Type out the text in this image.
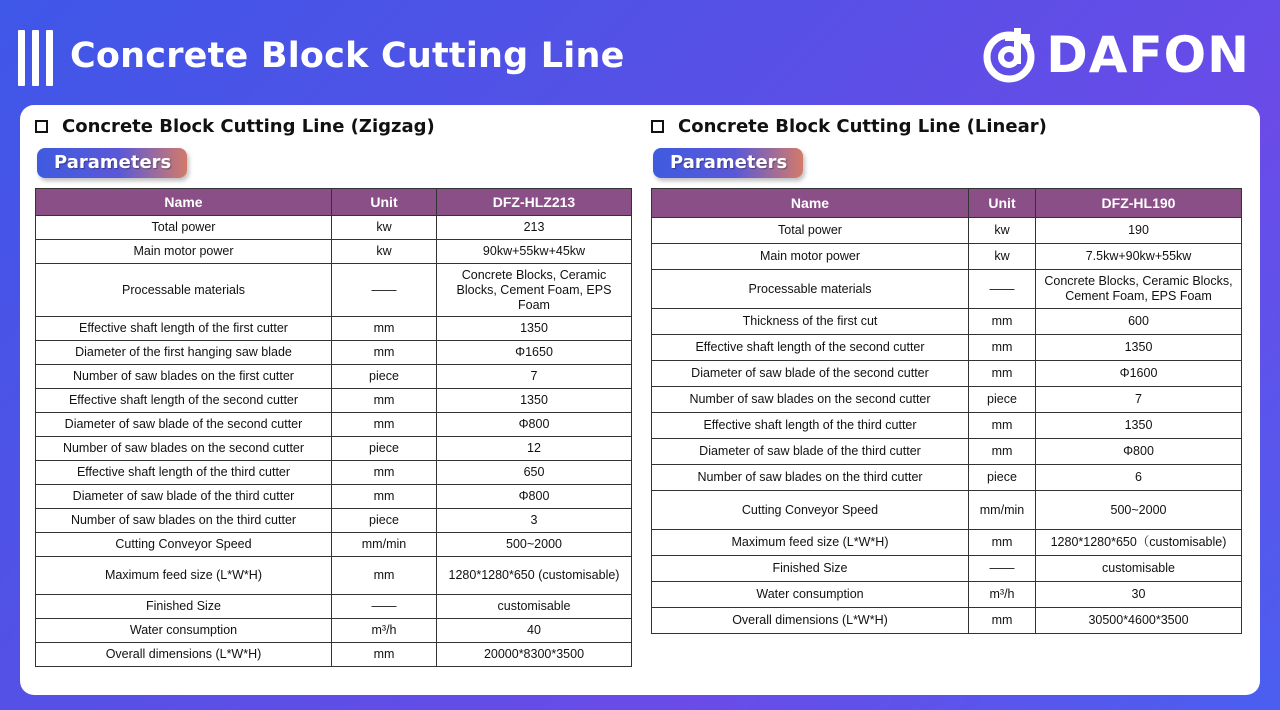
Concrete Block Cutting Line	DAFON
Concrete Block Cutting Line (Zigzag)
Parameters
Name	Unit	DFZ-HLZ213
Total power	kw	213
Main motor power	kw	90kw+55kw+45kw
Processable materials	——	Concrete Blocks, Ceramic Blocks, Cement Foam, EPS Foam
Effective shaft length of the first cutter	mm	1350
Diameter of the first hanging saw blade	mm	Φ1650
Number of saw blades on the first cutter	piece	7
Effective shaft length of the second cutter	mm	1350
Diameter of saw blade of the second cutter	mm	Φ800
Number of saw blades on the second cutter	piece	12
Effective shaft length of the third cutter	mm	650
Diameter of saw blade of the third cutter	mm	Φ800
Number of saw blades on the third cutter	piece	3
Cutting Conveyor Speed	mm/min	500~2000
Maximum feed size (L*W*H)	mm	1280*1280*650 (customisable)
Finished Size	——	customisable
Water consumption	m³/h	40
Overall dimensions (L*W*H)	mm	20000*8300*3500
Concrete Block Cutting Line (Linear)
Parameters
Name	Unit	DFZ-HL190
Total power	kw	190
Main motor power	kw	7.5kw+90kw+55kw
Processable materials	——	Concrete Blocks, Ceramic Blocks, Cement Foam, EPS Foam
Thickness of the first cut	mm	600
Effective shaft length of the second cutter	mm	1350
Diameter of saw blade of the second cutter	mm	Φ1600
Number of saw blades on the second cutter	piece	7
Effective shaft length of the third cutter	mm	1350
Diameter of saw blade of the third cutter	mm	Φ800
Number of saw blades on the third cutter	piece	6
Cutting Conveyor Speed	mm/min	500~2000
Maximum feed size (L*W*H)	mm	1280*1280*650（customisable)
Finished Size	——	customisable
Water consumption	m³/h	30
Overall dimensions (L*W*H)	mm	30500*4600*3500
